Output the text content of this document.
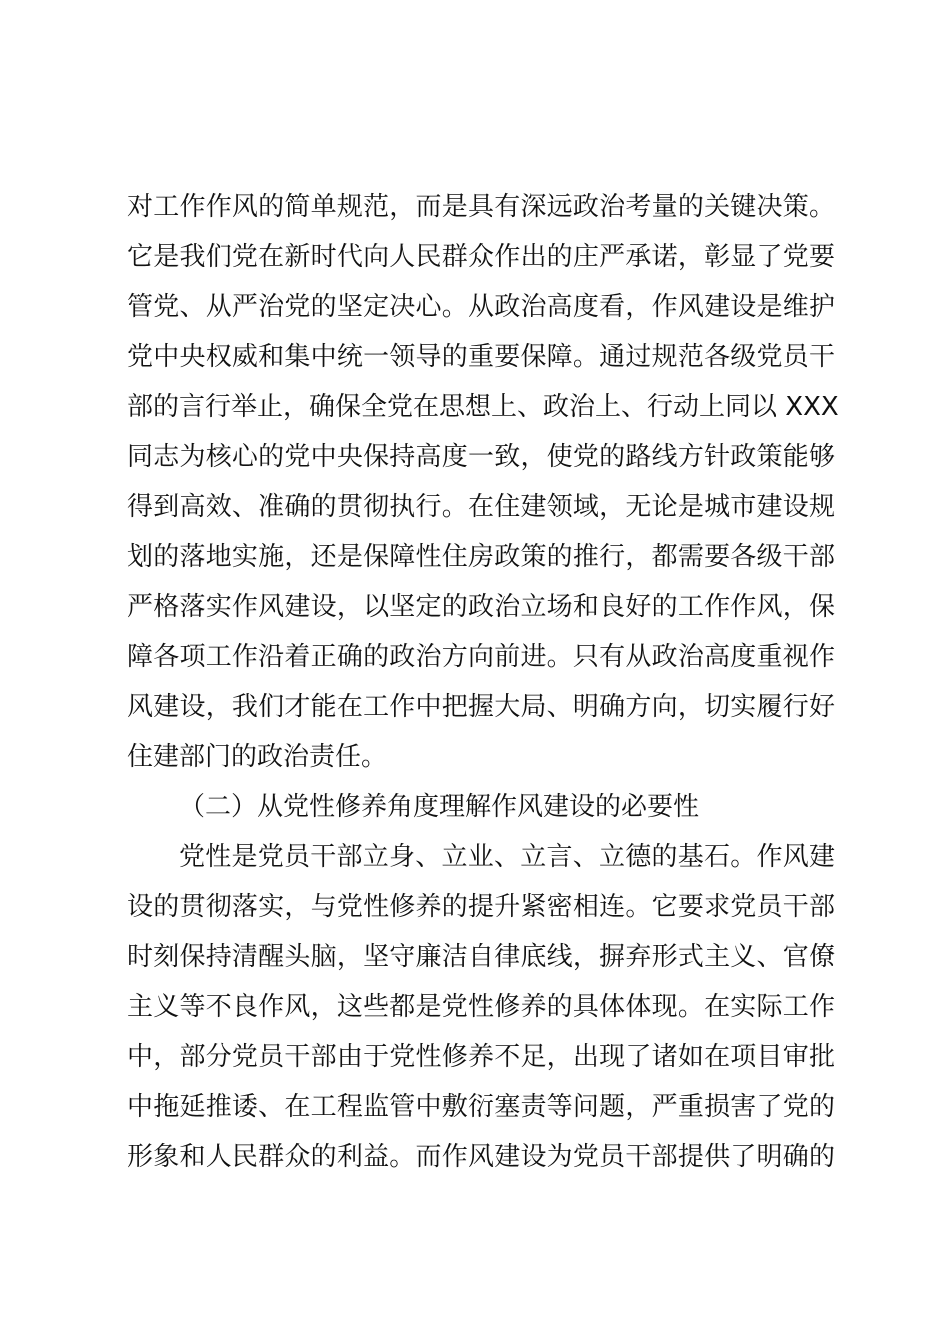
对工作作风的简单规范，而是具有深远政治考量的关键决策。
它是我们党在新时代向人民群众作出的庄严承诺，彰显了党要
管党、从严治党的坚定决心。从政治高度看，作风建设是维护
党中央权威和集中统一领导的重要保障。通过规范各级党员干
部的言行举止，确保全党在思想上、政治上、行动上同以 XXX
同志为核心的党中央保持高度一致，使党的路线方针政策能够
得到高效、准确的贯彻执行。在住建领域，无论是城市建设规
划的落地实施，还是保障性住房政策的推行，都需要各级干部
严格落实作风建设，以坚定的政治立场和良好的工作作风，保
障各项工作沿着正确的政治方向前进。只有从政治高度重视作
风建设，我们才能在工作中把握大局、明确方向，切实履行好
住建部门的政治责任。
（二）从党性修养角度理解作风建设的必要性
党性是党员干部立身、立业、立言、立德的基石。作风建
设的贯彻落实，与党性修养的提升紧密相连。它要求党员干部
时刻保持清醒头脑，坚守廉洁自律底线，摒弃形式主义、官僚
主义等不良作风，这些都是党性修养的具体体现。在实际工作
中，部分党员干部由于党性修养不足，出现了诸如在项目审批
中拖延推诿、在工程监管中敷衍塞责等问题，严重损害了党的
形象和人民群众的利益。而作风建设为党员干部提供了明确的
